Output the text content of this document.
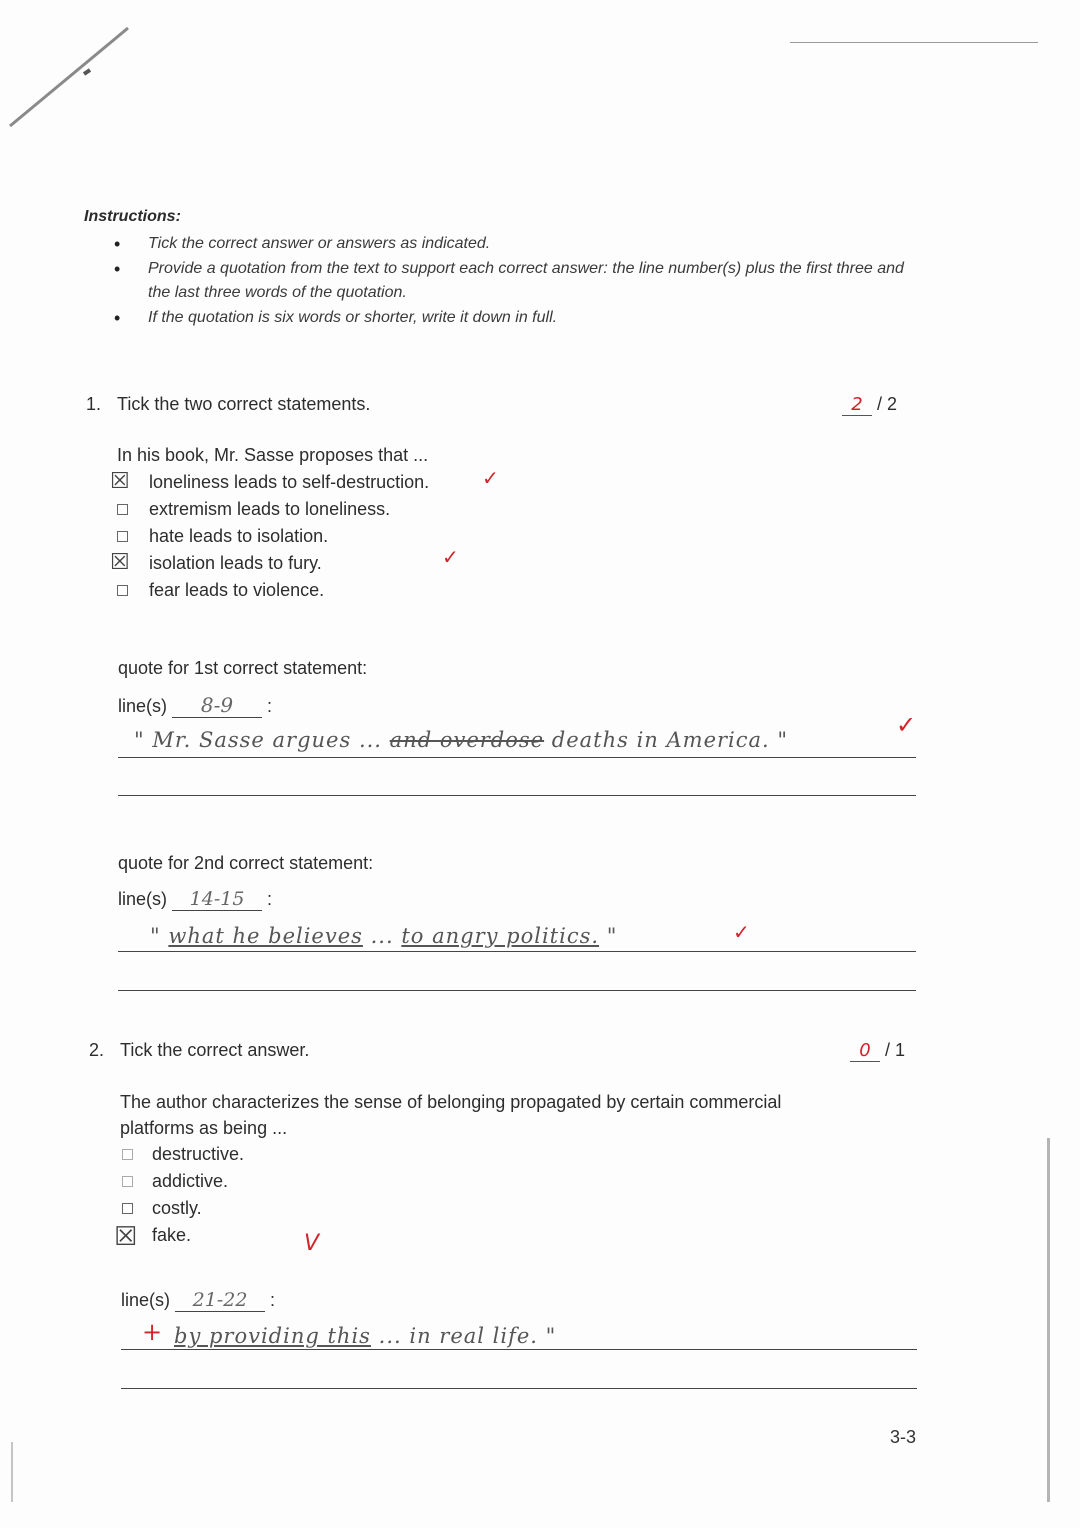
Instructions:
• Tick the correct answer or answers as indicated.
• Provide a quotation from the text to support each correct answer: the line number(s) plus the first three and the last three words of the quotation.
• If the quotation is six words or shorter, write it down in full.
1. Tick the two correct statements.	2 / 2
In his book, Mr. Sasse proposes that ...
☒ loneliness leads to self-destruction.	✓
extremism leads to loneliness.
hate leads to isolation.
☒ isolation leads to fury.	✓
fear leads to violence.
quote for 1st correct statement:
line(s) 8-9 :
" Mr. Sasse argues ... and overdose deaths in America. "
✓
quote for 2nd correct statement:
line(s) 14-15 :
" what he believes ... to angry politics. "	✓
2. Tick the correct answer.	0 / 1
The author characterizes the sense of belonging propagated by certain commercial
platforms as being ...
destructive.
addictive.
costly.
☒ fake.	V
line(s) 21-22 :
+ by providing this ... in real life. "
3-3
